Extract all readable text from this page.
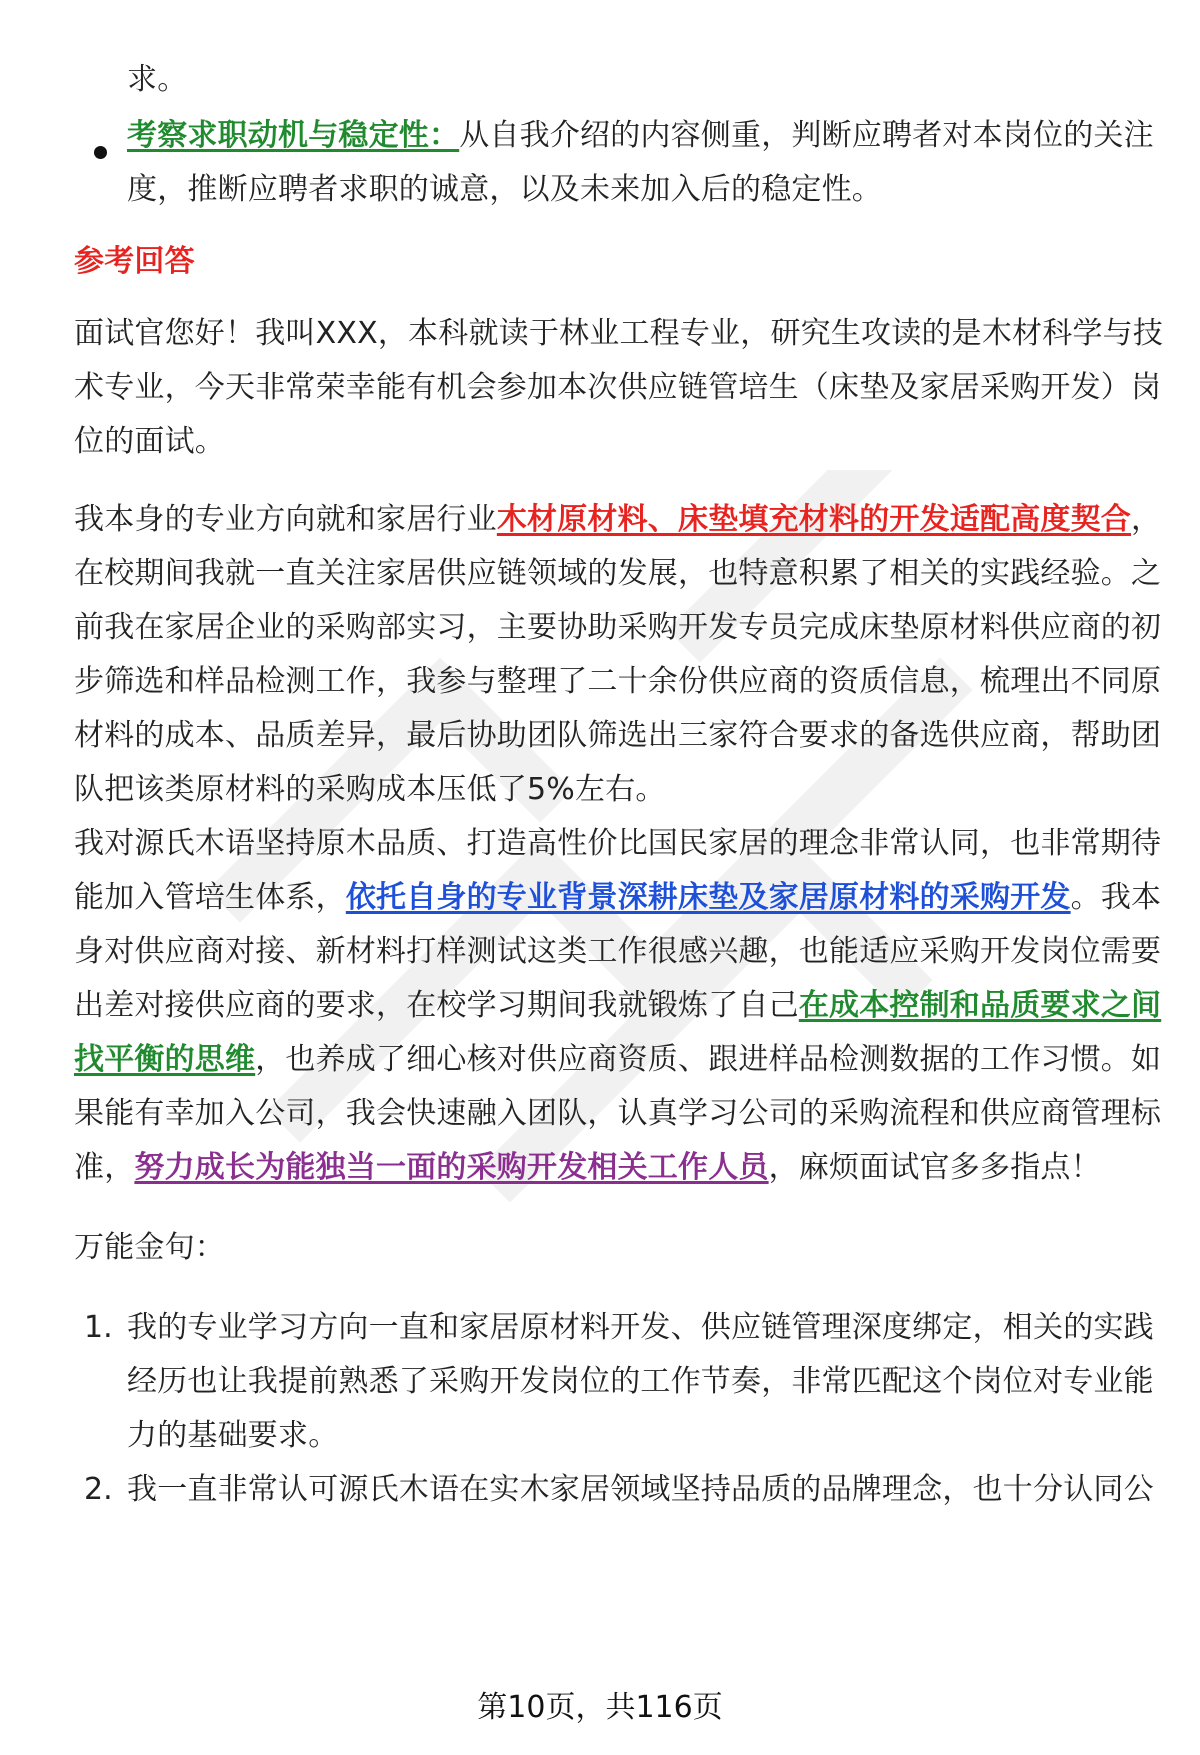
求。
考察求职动机与稳定性：从自我介绍的内容侧重，判断应聘者对本岗位的关注
度，推断应聘者求职的诚意，以及未来加入后的稳定性。
参考回答
面试官您好！我叫XXX，本科就读于林业工程专业，研究生攻读的是木材科学与技
术专业，今天非常荣幸能有机会参加本次供应链管培生（床垫及家居采购开发）岗
位的面试。
我本身的专业方向就和家居行业木材原材料、床垫填充材料的开发适配高度契合，
在校期间我就一直关注家居供应链领域的发展，也特意积累了相关的实践经验。之
前我在家居企业的采购部实习，主要协助采购开发专员完成床垫原材料供应商的初
步筛选和样品检测工作，我参与整理了二十余份供应商的资质信息，梳理出不同原
材料的成本、品质差异，最后协助团队筛选出三家符合要求的备选供应商，帮助团
队把该类原材料的采购成本压低了5%左右。
我对源氏木语坚持原木品质、打造高性价比国民家居的理念非常认同，也非常期待
能加入管培生体系，依托自身的专业背景深耕床垫及家居原材料的采购开发。我本
身对供应商对接、新材料打样测试这类工作很感兴趣，也能适应采购开发岗位需要
出差对接供应商的要求，在校学习期间我就锻炼了自己在成本控制和品质要求之间
找平衡的思维，也养成了细心核对供应商资质、跟进样品检测数据的工作习惯。如
果能有幸加入公司，我会快速融入团队，认真学习公司的采购流程和供应商管理标
准，努力成长为能独当一面的采购开发相关工作人员，麻烦面试官多多指点！
万能金句：
1. 我的专业学习方向一直和家居原材料开发、供应链管理深度绑定，相关的实践
经历也让我提前熟悉了采购开发岗位的工作节奏，非常匹配这个岗位对专业能
力的基础要求。
2. 我一直非常认可源氏木语在实木家居领域坚持品质的品牌理念，也十分认同公
第10页，共116页
